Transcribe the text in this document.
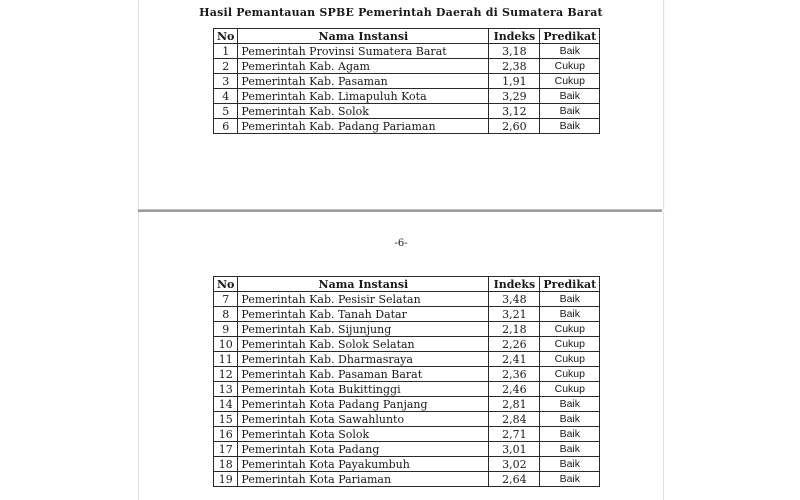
Hasil Pemantauan SPBE Pemerintah Daerah di Sumatera Barat
No	Nama Instansi	Indeks	Predikat
1	Pemerintah Provinsi Sumatera Barat	3,18	Baik
2	Pemerintah Kab. Agam	2,38	Cukup
3	Pemerintah Kab. Pasaman	1,91	Cukup
4	Pemerintah Kab. Limapuluh Kota	3,29	Baik
5	Pemerintah Kab. Solok	3,12	Baik
6	Pemerintah Kab. Padang Pariaman	2,60	Baik
-6-
No	Nama Instansi	Indeks	Predikat
7	Pemerintah Kab. Pesisir Selatan	3,48	Baik
8	Pemerintah Kab. Tanah Datar	3,21	Baik
9	Pemerintah Kab. Sijunjung	2,18	Cukup
10	Pemerintah Kab. Solok Selatan	2,26	Cukup
11	Pemerintah Kab. Dharmasraya	2,41	Cukup
12	Pemerintah Kab. Pasaman Barat	2,36	Cukup
13	Pemerintah Kota Bukittinggi	2,46	Cukup
14	Pemerintah Kota Padang Panjang	2,81	Baik
15	Pemerintah Kota Sawahlunto	2,84	Baik
16	Pemerintah Kota Solok	2,71	Baik
17	Pemerintah Kota Padang	3,01	Baik
18	Pemerintah Kota Payakumbuh	3,02	Baik
19	Pemerintah Kota Pariaman	2,64	Baik
